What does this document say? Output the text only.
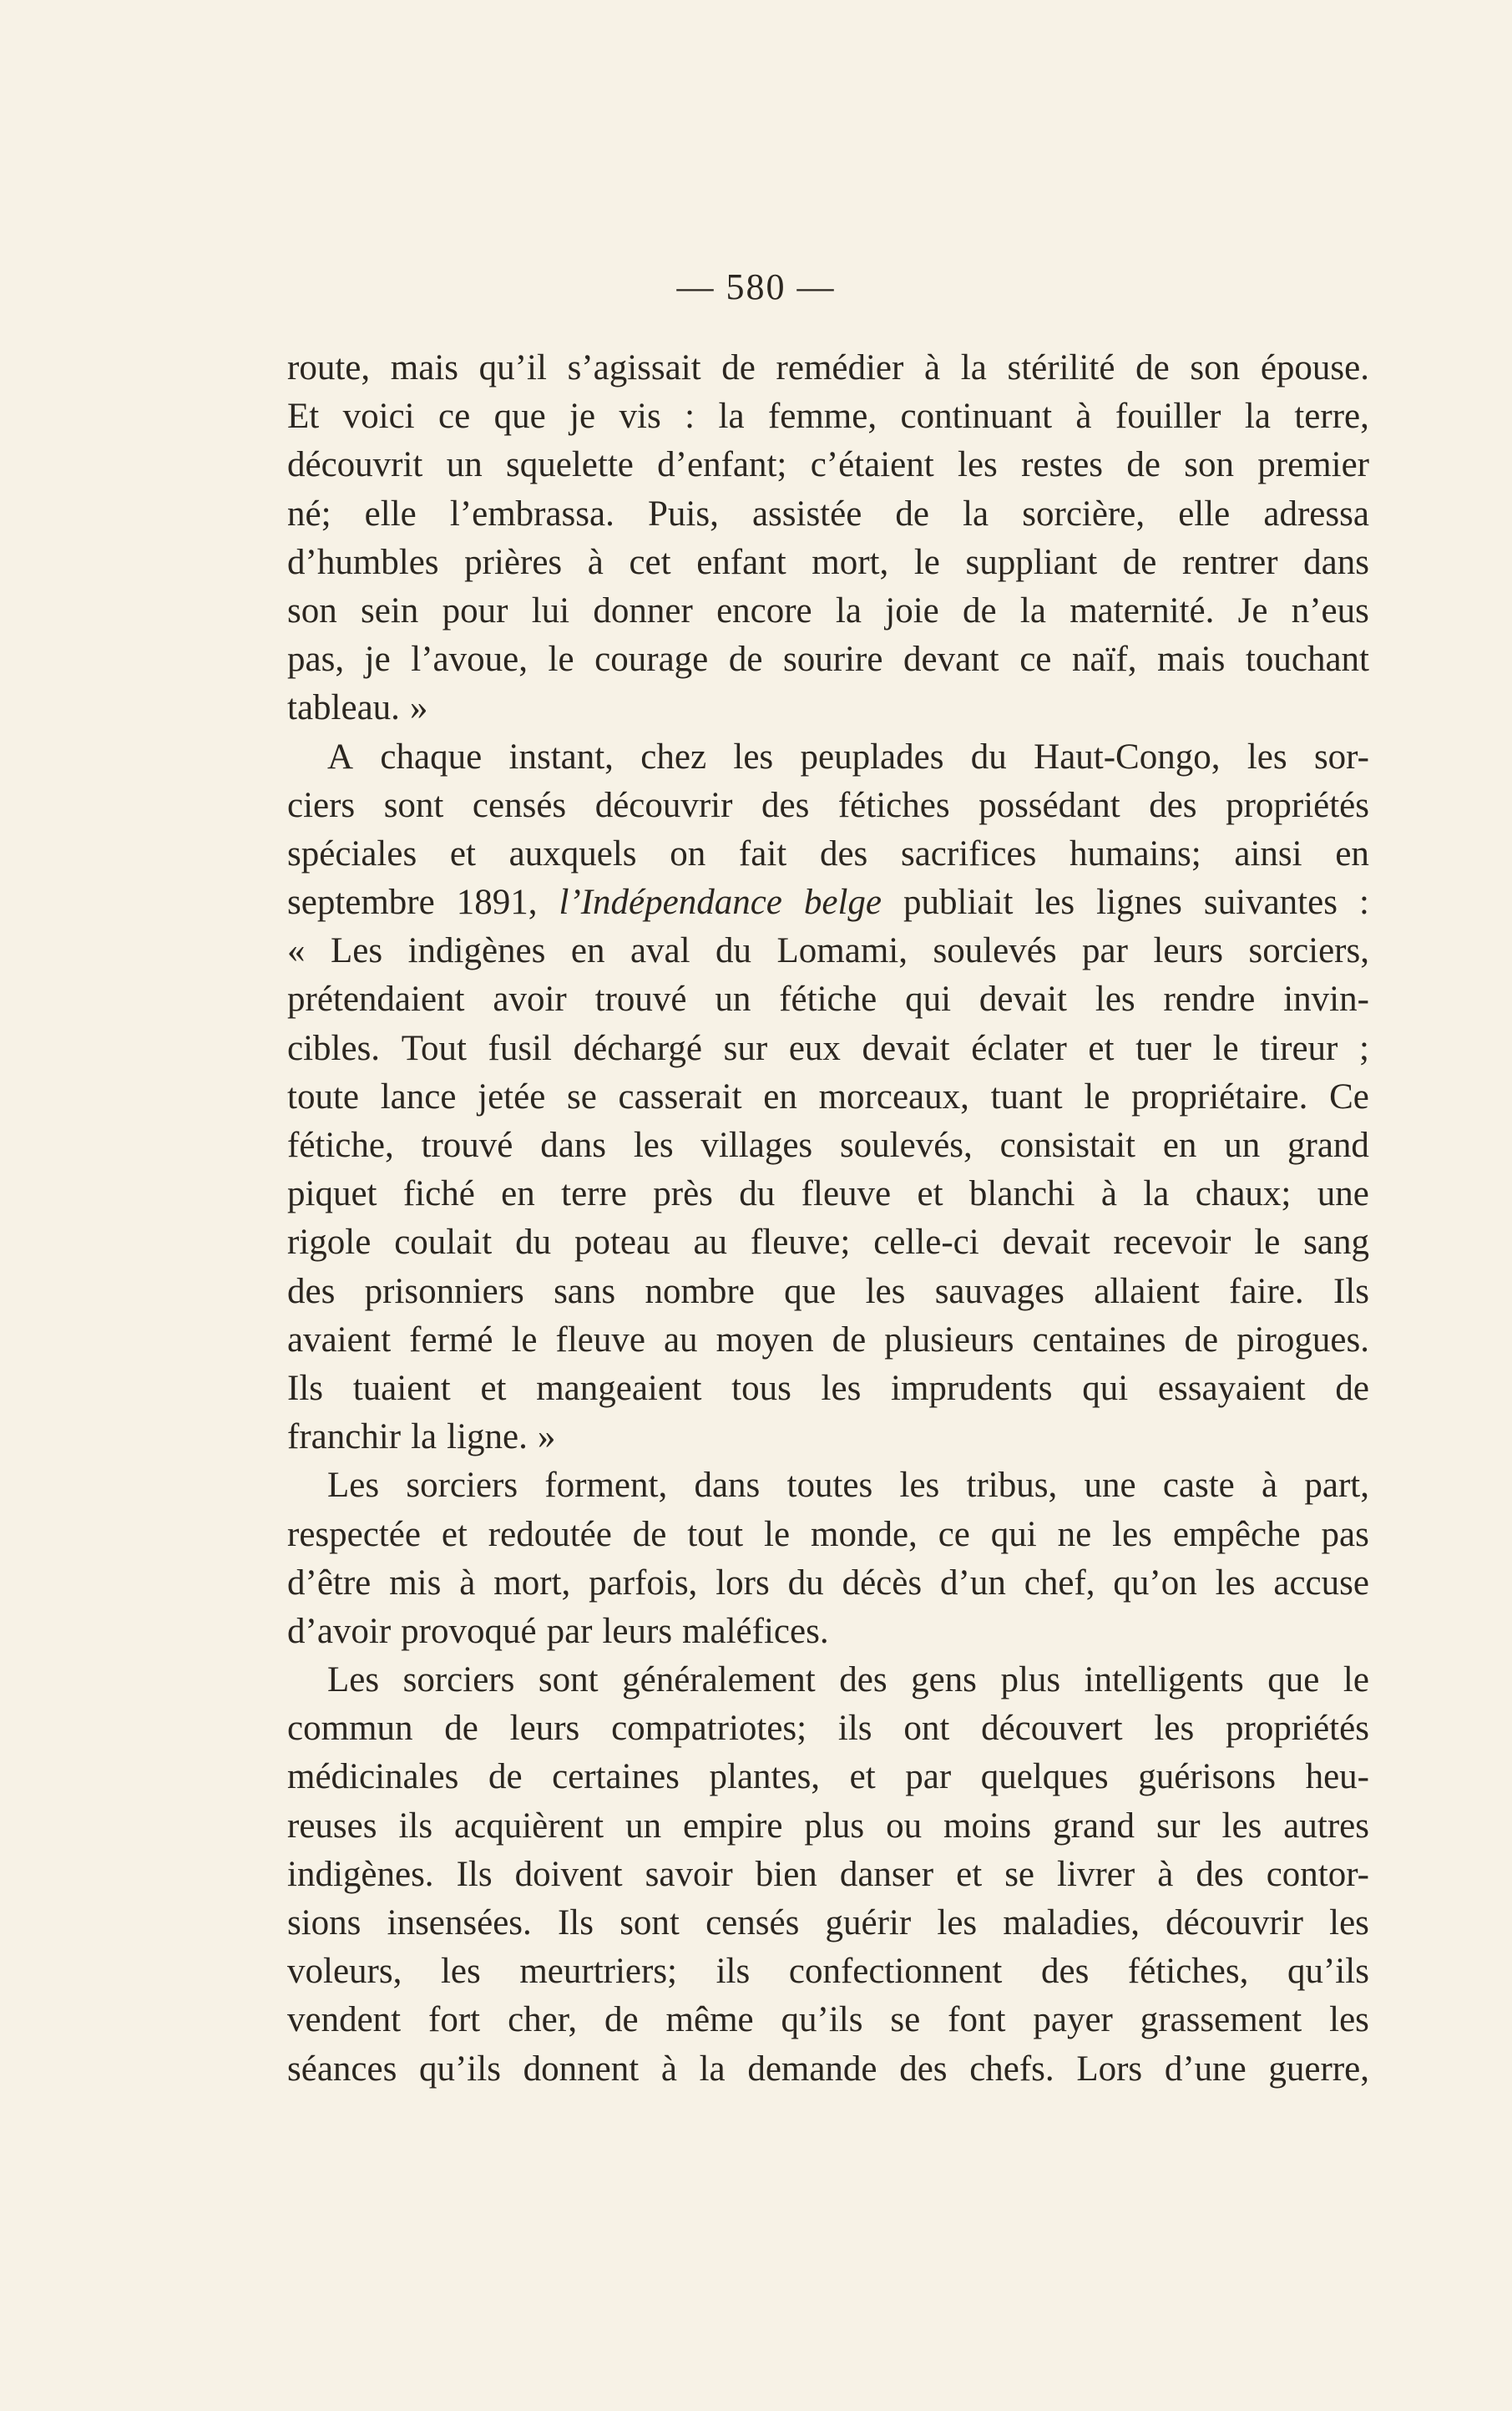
— 580 —
route, mais qu’il s’agissait de remédier à la stérilité de son épouse.
Et voici ce que je vis : la femme, continuant à fouiller la terre,
découvrit un squelette d’enfant; c’étaient les restes de son premier
né; elle l’embrassa. Puis, assistée de la sorcière, elle adressa
d’humbles prières à cet enfant mort, le suppliant de rentrer dans
son sein pour lui donner encore la joie de la maternité. Je n’eus
pas, je l’avoue, le courage de sourire devant ce naïf, mais touchant
tableau. »
A chaque instant, chez les peuplades du Haut-Congo, les sor-
ciers sont censés découvrir des fétiches possédant des propriétés
spéciales et auxquels on fait des sacrifices humains; ainsi en
septembre 1891, l’Indépendance belge publiait les lignes suivantes :
« Les indigènes en aval du Lomami, soulevés par leurs sorciers,
prétendaient avoir trouvé un fétiche qui devait les rendre invin-
cibles. Tout fusil déchargé sur eux devait éclater et tuer le tireur ;
toute lance jetée se casserait en morceaux, tuant le propriétaire. Ce
fétiche, trouvé dans les villages soulevés, consistait en un grand
piquet fiché en terre près du fleuve et blanchi à la chaux; une
rigole coulait du poteau au fleuve; celle-ci devait recevoir le sang
des prisonniers sans nombre que les sauvages allaient faire. Ils
avaient fermé le fleuve au moyen de plusieurs centaines de pirogues.
Ils tuaient et mangeaient tous les imprudents qui essayaient de
franchir la ligne. »
Les sorciers forment, dans toutes les tribus, une caste à part,
respectée et redoutée de tout le monde, ce qui ne les empêche pas
d’être mis à mort, parfois, lors du décès d’un chef, qu’on les accuse
d’avoir provoqué par leurs maléfices.
Les sorciers sont généralement des gens plus intelligents que le
commun de leurs compatriotes; ils ont découvert les propriétés
médicinales de certaines plantes, et par quelques guérisons heu-
reuses ils acquièrent un empire plus ou moins grand sur les autres
indigènes. Ils doivent savoir bien danser et se livrer à des contor-
sions insensées. Ils sont censés guérir les maladies, découvrir les
voleurs, les meurtriers; ils confectionnent des fétiches, qu’ils
vendent fort cher, de même qu’ils se font payer grassement les
séances qu’ils donnent à la demande des chefs. Lors d’une guerre,
